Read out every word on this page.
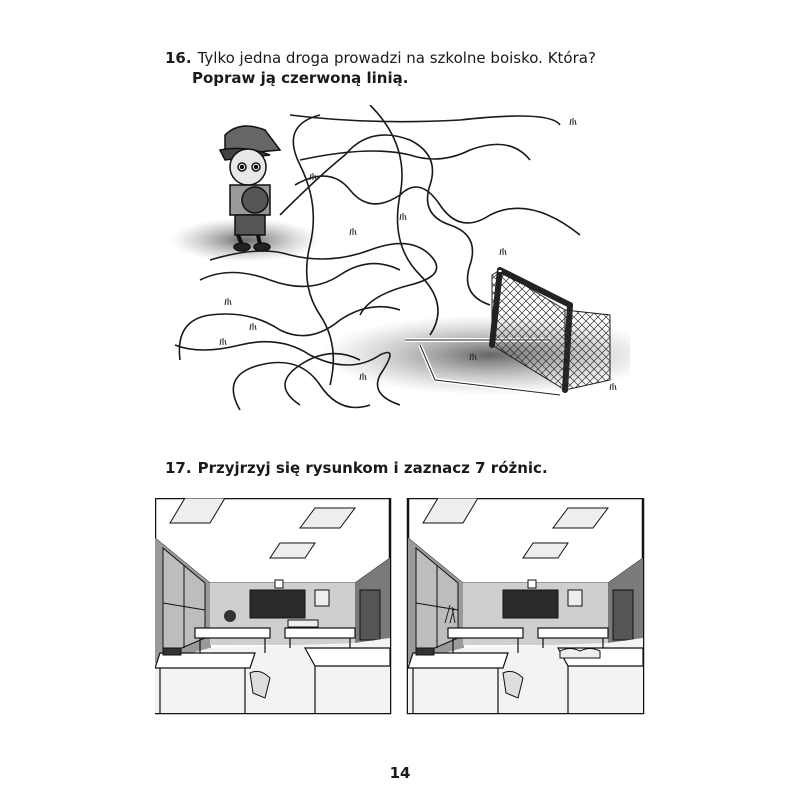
16. Tylko jedna droga prowadzi na szkolne boisko. Która?
Popraw ją czerwoną linią.
17. Przyjrzyj się rysunkom i zaznacz 7 różnic.
14
